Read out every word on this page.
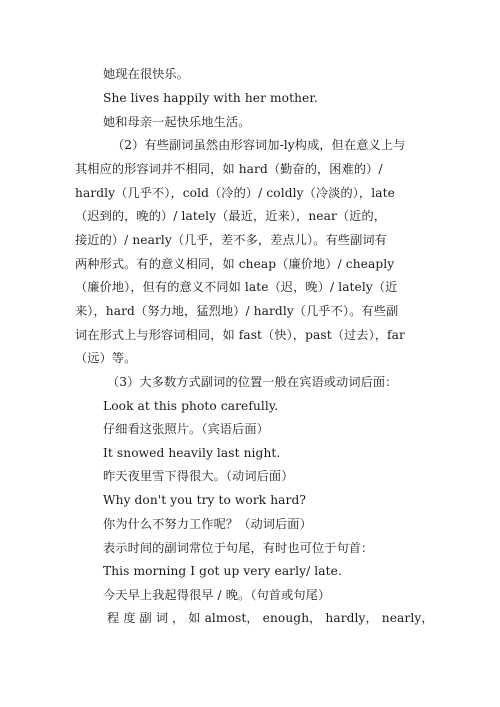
她现在很快乐。
She lives happily with her mother.
她和母亲一起快乐地生活。
（2）有些副词虽然由形容词加-ly构成，但在意义上与
其相应的形容词并不相同，如 hard（勤奋的，困难的）/
hardly（几乎不），cold（冷的）/ coldly（冷淡的），late
（迟到的，晚的）/ lately（最近，近来），near（近的，
接近的）/ nearly（几乎，差不多，差点儿）。有些副词有
两种形式。有的意义相同，如 cheap（廉价地）/ cheaply
（廉价地），但有的意义不同如 late（迟，晚）/ lately（近
来），hard（努力地，猛烈地）/ hardly（几乎不）。有些副
词在形式上与形容词相同，如 fast（快），past（过去），far
（远）等。
（3）大多数方式副词的位置一般在宾语或动词后面：
Look at this photo carefully.
仔细看这张照片。（宾语后面）
It snowed heavily last night.
昨天夜里雪下得很大。（动词后面）
Why don't you try to work hard?
你为什么不努力工作呢？（动词后面）
表示时间的副词常位于句尾，有时也可位于句首：
This morning I got up very early/ late.
今天早上我起得很早 / 晚。（句首或句尾）
程 度 副 词 ， 如 almost， enough， hardly， nearly，
